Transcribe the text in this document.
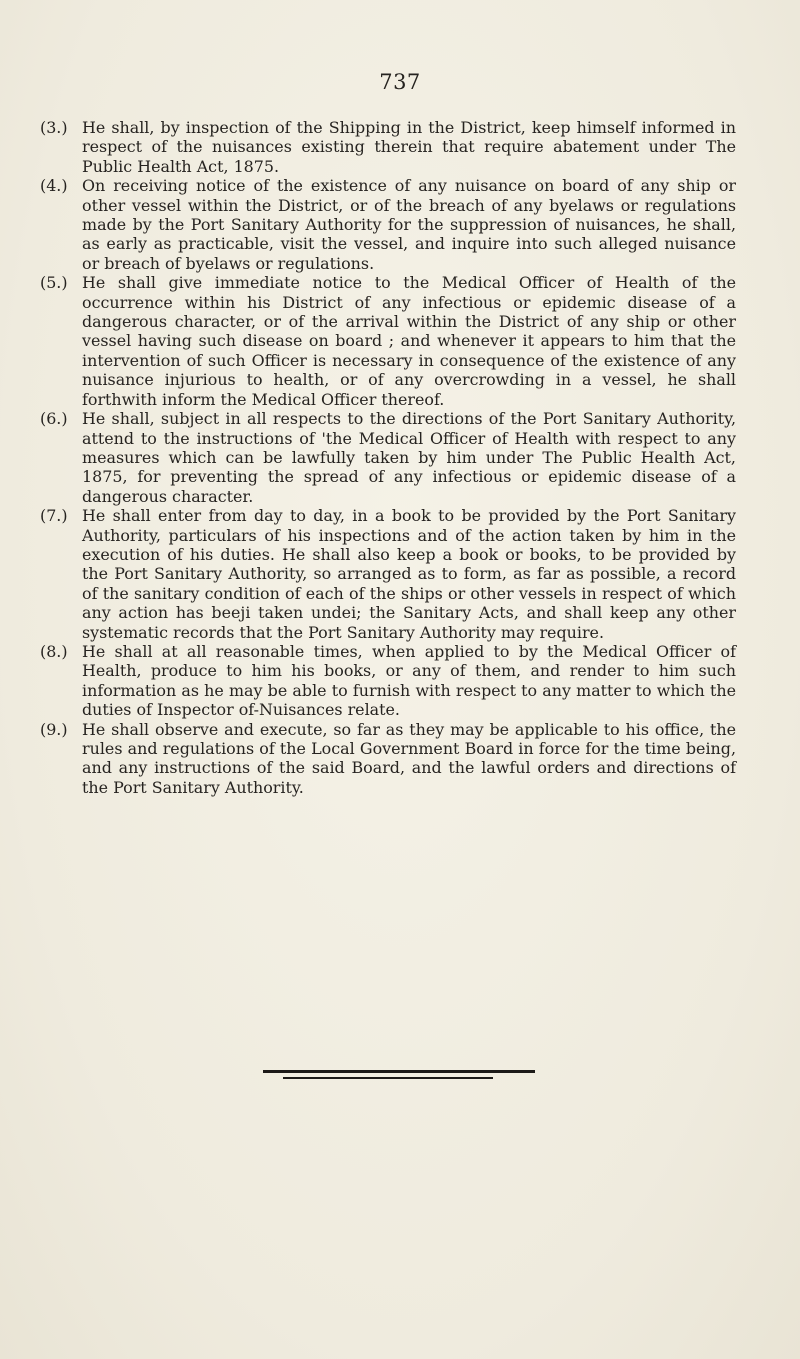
737
(3.) He shall, by inspection of the Shipping in the District, keep himself informed in respect of the nuisances existing therein that require abatement under The Public Health Act, 1875.
(4.) On receiving notice of the existence of any nuisance on board of any ship or other vessel within the District, or of the breach of any byelaws or regulations made by the Port Sanitary Authority for the suppression of nuisances, he shall, as early as practicable, visit the vessel, and inquire into such alleged nuisance or breach of byelaws or regulations.
(5.) He shall give immediate notice to the Medical Officer of Health of the occurrence within his District of any infectious or epidemic disease of a dangerous character, or of the arrival within the District of any ship or other vessel having such disease on board ; and whenever it appears to him that the intervention of such Officer is necessary in consequence of the existence of any nuisance injurious to health, or of any overcrowding in a vessel, he shall forthwith inform the Medical Officer thereof.
(6.) He shall, subject in all respects to the directions of the Port Sanitary Authority, attend to the instructions of 'the Medical Officer of Health with respect to any measures which can be lawfully taken by him under The Public Health Act, 1875, for preventing the spread of any infectious or epidemic disease of a dangerous character.
(7.) He shall enter from day to day, in a book to be provided by the Port Sanitary Authority, particulars of his inspections and of the action taken by him in the execution of his duties. He shall also keep a book or books, to be provided by the Port Sanitary Authority, so arranged as to form, as far as possible, a record of the sanitary condition of each of the ships or other vessels in respect of which any action has beeji taken undei; the Sanitary Acts, and shall keep any other systematic records that the Port Sanitary Authority may require.
(8.) He shall at all reasonable times, when applied to by the Medical Officer of Health, produce to him his books, or any of them, and render to him such information as he may be able to furnish with respect to any matter to which the duties of Inspector of-Nuisances relate.
(9.) He shall observe and execute, so far as they may be applicable to his office, the rules and regulations of the Local Government Board in force for the time being, and any instructions of the said Board, and the lawful orders and directions of the Port Sanitary Authority.
